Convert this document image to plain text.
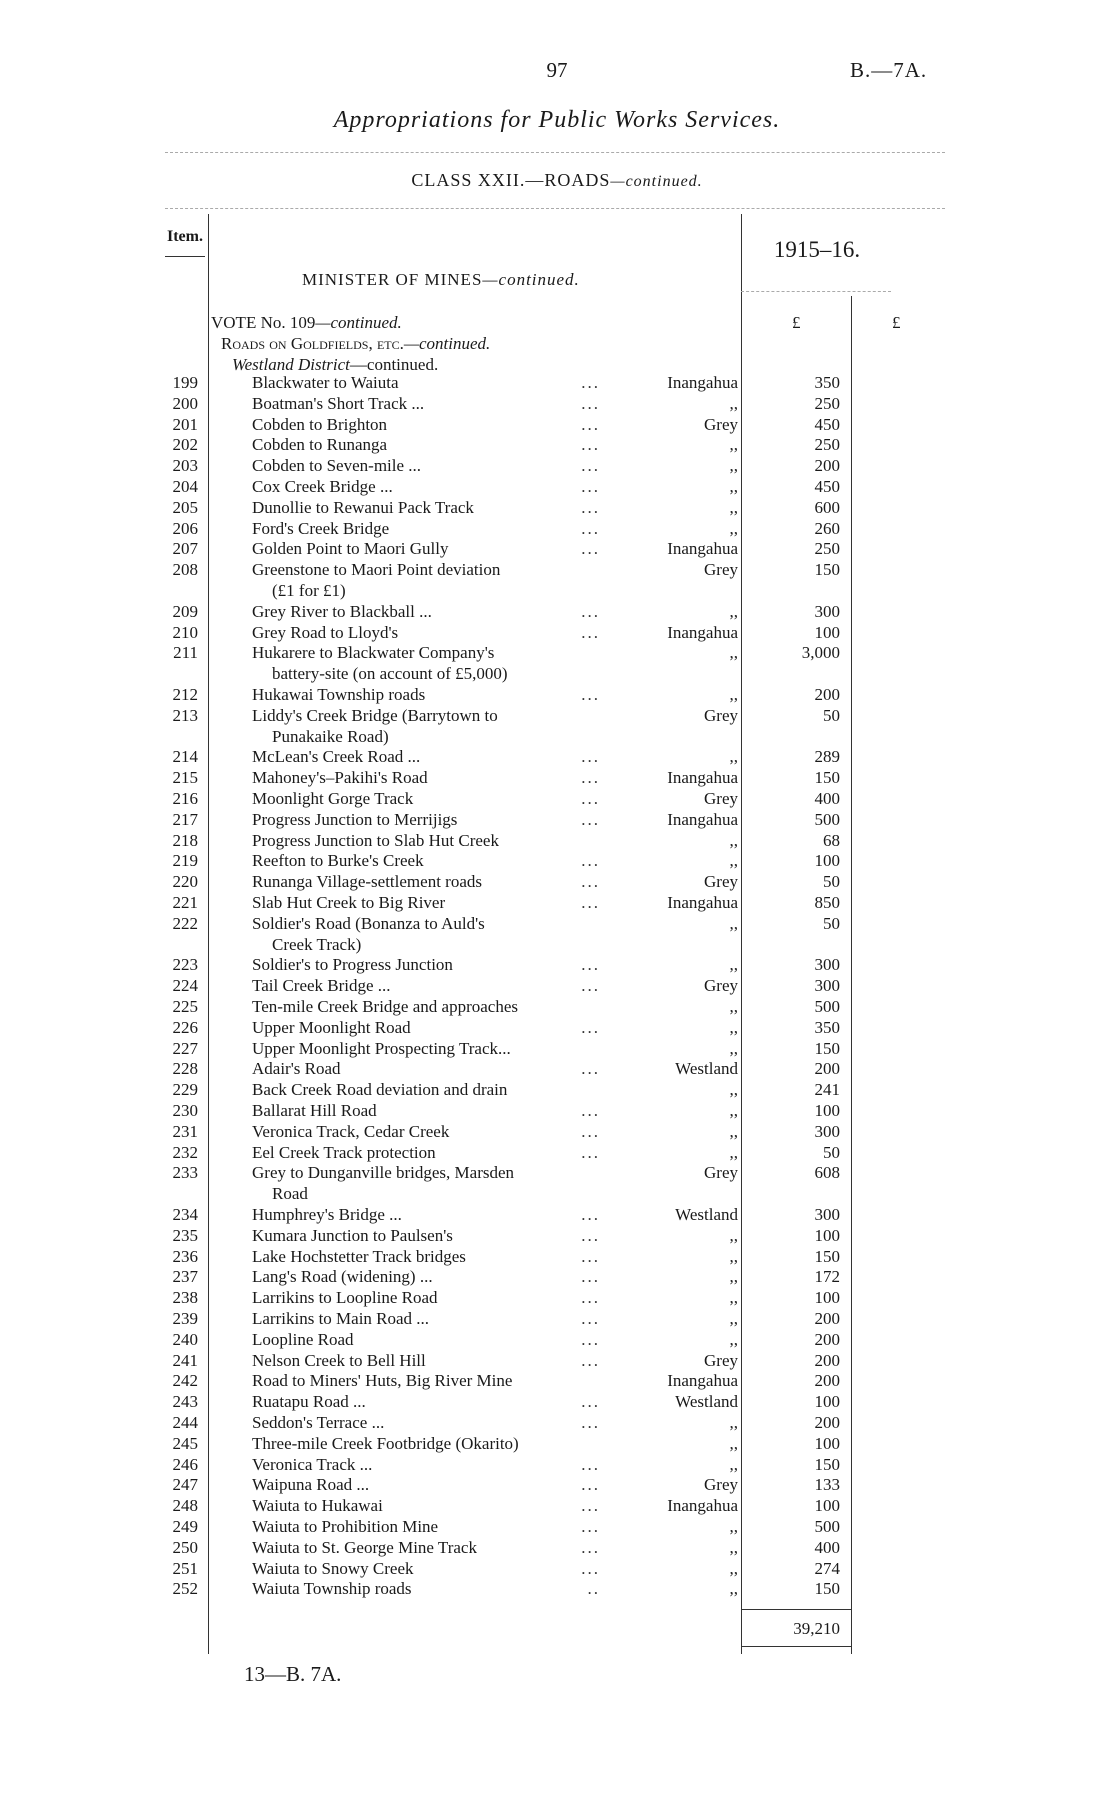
97	B.—7A.
Appropriations for Public Works Services.
CLASS XXII.—ROADS—continued.
Item.
1915–16.
MINISTER OF MINES—continued.
VOTE No. 109—continued.
Roads on Goldfields, etc.—continued.
Westland District—continued.
£	£
199	Blackwater to Waiuta	...	Inangahua	350
200	Boatman's Short Track ...	...	,,	250
201	Cobden to Brighton	...	Grey	450
202	Cobden to Runanga	...	,,	250
203	Cobden to Seven-mile ...	...	,,	200
204	Cox Creek Bridge ...	...	,,	450
205	Dunollie to Rewanui Pack Track	...	,,	600
206	Ford's Creek Bridge	...	,,	260
207	Golden Point to Maori Gully	...	Inangahua	250
208	Greenstone to Maori Point deviation	Grey	150
(£1 for £1)
209	Grey River to Blackball ...	...	,,	300
210	Grey Road to Lloyd's	...	Inangahua	100
211	Hukarere to Blackwater Company's	,,	3,000
battery-site (on account of £5,000)
212	Hukawai Township roads	...	,,	200
213	Liddy's Creek Bridge (Barrytown to	Grey	50
Punakaike Road)
214	McLean's Creek Road ...	...	,,	289
215	Mahoney's–Pakihi's Road	...	Inangahua	150
216	Moonlight Gorge Track	...	Grey	400
217	Progress Junction to Merrijigs	...	Inangahua	500
218	Progress Junction to Slab Hut Creek	,,	68
219	Reefton to Burke's Creek	...	,,	100
220	Runanga Village-settlement roads	...	Grey	50
221	Slab Hut Creek to Big River	...	Inangahua	850
222	Soldier's Road (Bonanza to Auld's	,,	50
Creek Track)
223	Soldier's to Progress Junction	...	,,	300
224	Tail Creek Bridge ...	...	Grey	300
225	Ten-mile Creek Bridge and approaches	,,	500
226	Upper Moonlight Road	...	,,	350
227	Upper Moonlight Prospecting Track...	,,	150
228	Adair's Road	...	Westland	200
229	Back Creek Road deviation and drain	,,	241
230	Ballarat Hill Road	...	,,	100
231	Veronica Track, Cedar Creek	...	,,	300
232	Eel Creek Track protection	...	,,	50
233	Grey to Dunganville bridges, Marsden	Grey	608
Road
234	Humphrey's Bridge ...	...	Westland	300
235	Kumara Junction to Paulsen's	...	,,	100
236	Lake Hochstetter Track bridges	...	,,	150
237	Lang's Road (widening) ...	...	,,	172
238	Larrikins to Loopline Road	...	,,	100
239	Larrikins to Main Road ...	...	,,	200
240	Loopline Road	...	,,	200
241	Nelson Creek to Bell Hill	...	Grey	200
242	Road to Miners' Huts, Big River Mine	Inangahua	200
243	Ruatapu Road ...	...	Westland	100
244	Seddon's Terrace ...	...	,,	200
245	Three-mile Creek Footbridge (Okarito)	,,	100
246	Veronica Track ...	...	,,	150
247	Waipuna Road ...	...	Grey	133
248	Waiuta to Hukawai	...	Inangahua	100
249	Waiuta to Prohibition Mine	...	,,	500
250	Waiuta to St. George Mine Track	...	,,	400
251	Waiuta to Snowy Creek	...	,,	274
252	Waiuta Township roads	..	,,	150
39,210
13—B. 7A.
